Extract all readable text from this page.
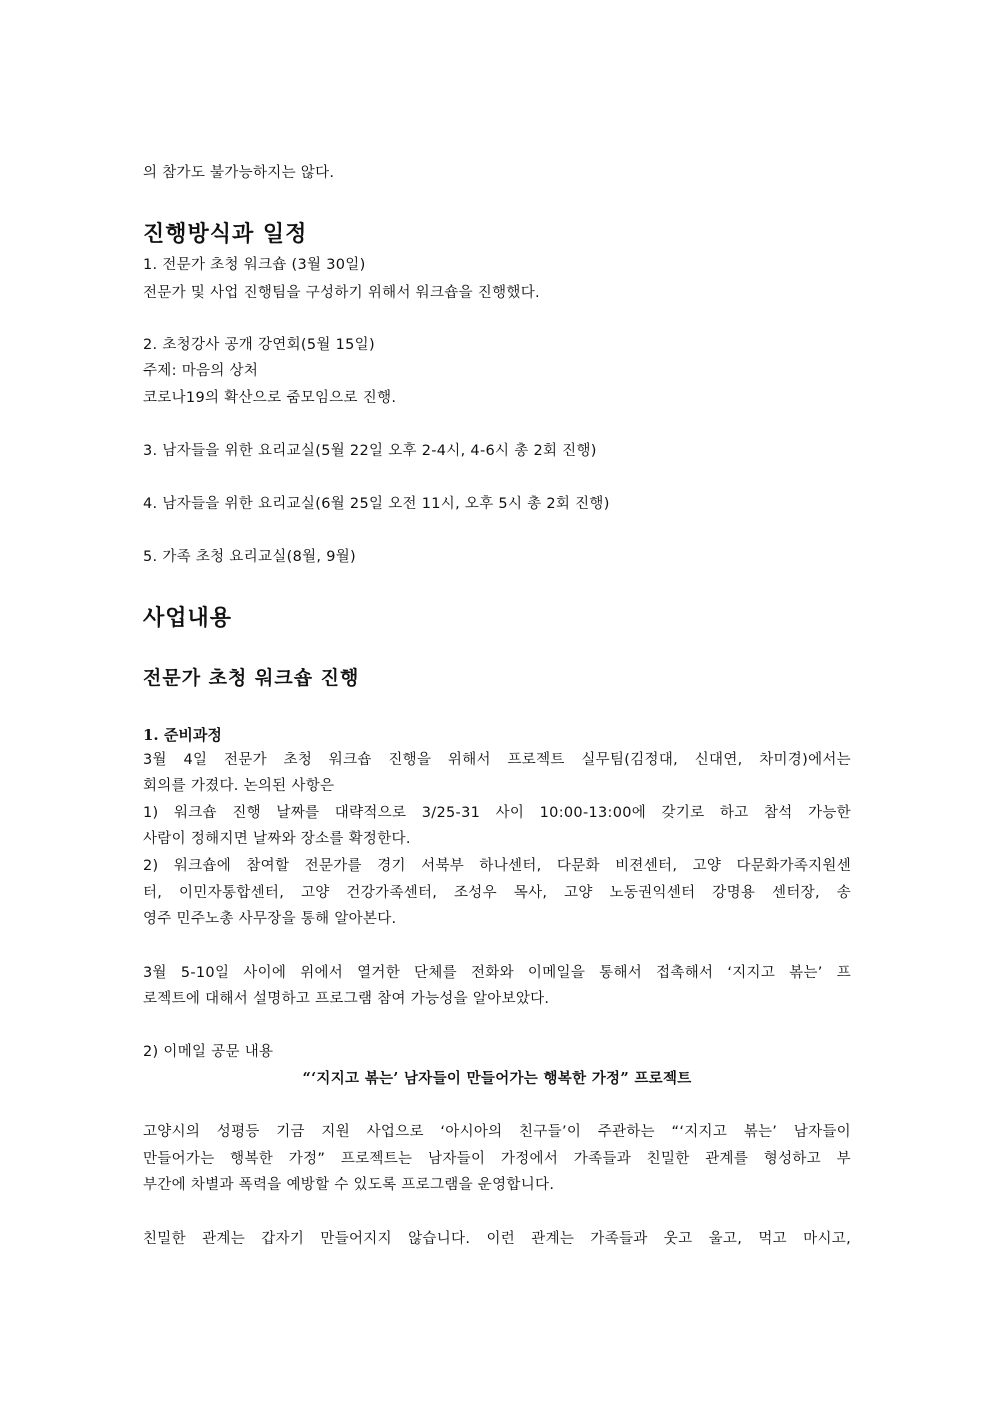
의 참가도 불가능하지는 않다.
진행방식과 일정
1. 전문가 초청 워크숍 (3월 30일)
전문가 및 사업 진행팀을 구성하기 위해서 워크숍을 진행했다.
2. 초청강사 공개 강연회(5월 15일)
주제: 마음의 상처
코로나19의 확산으로 줌모임으로 진행.
3. 남자들을 위한 요리교실(5월 22일 오후 2-4시, 4-6시 총 2회 진행)
4. 남자들을 위한 요리교실(6월 25일 오전 11시, 오후 5시 총 2회 진행)
5. 가족 초청 요리교실(8월, 9월)
사업내용
전문가 초청 워크숍 진행
1. 준비과정
3월 4일 전문가 초청 워크숍 진행을 위해서 프로젝트 실무팀(김정대, 신대연, 차미경)에서는
회의를 가졌다. 논의된 사항은
1) 워크숍 진행 날짜를 대략적으로 3/25-31 사이 10:00-13:00에 갖기로 하고 참석 가능한
사람이 정해지면 날짜와 장소를 확정한다.
2) 워크숍에 참여할 전문가를 경기 서북부 하나센터, 다문화 비젼센터, 고양 다문화가족지원센
터, 이민자통합센터, 고양 건강가족센터, 조성우 목사, 고양 노동권익센터 강명용 센터장, 송
영주 민주노총 사무장을 통해 알아본다.
3월 5-10일 사이에 위에서 열거한 단체를 전화와 이메일을 통해서 접촉해서 ‘지지고 볶는’ 프
로젝트에 대해서 설명하고 프로그램 참여 가능성을 알아보았다.
2) 이메일 공문 내용
“‘지지고 볶는’ 남자들이 만들어가는 행복한 가정” 프로젝트
고양시의 성평등 기금 지원 사업으로 ‘아시아의 친구들’이 주관하는 “‘지지고 볶는’ 남자들이
만들어가는 행복한 가정” 프로젝트는 남자들이 가정에서 가족들과 친밀한 관계를 형성하고 부
부간에 차별과 폭력을 예방할 수 있도록 프로그램을 운영합니다.
친밀한 관계는 갑자기 만들어지지 않습니다. 이런 관계는 가족들과 웃고 울고, 먹고 마시고,
